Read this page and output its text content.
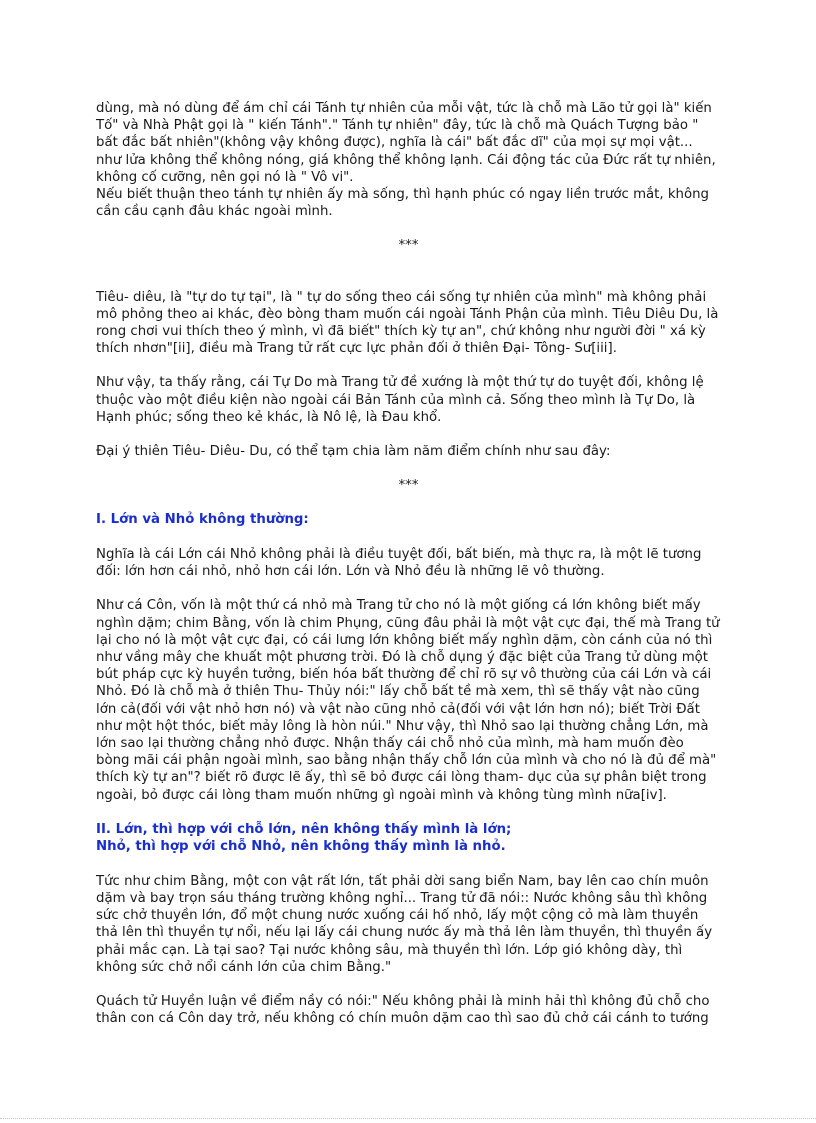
dùng, mà nó dùng để ám chỉ cái Tánh tự nhiên của mỗi vật, tức là chỗ mà Lão tử gọi là" kiến Tố" và Nhà Phật gọi là " kiến Tánh"." Tánh tự nhiên" đây, tức là chỗ mà Quách Tượng bảo " bất đắc bất nhiên"(không vậy không được), nghĩa là cái" bất đắc dĩ" của mọi sự mọi vật... như lửa không thể không nóng, giá không thể không lạnh. Cái động tác của Đức rất tự nhiên, không cố cưỡng, nên gọi nó là " Vô vi".

Nếu biết thuận theo tánh tự nhiên ấy mà sống, thì hạnh phúc có ngay liền trước mắt, không cần cầu cạnh đâu khác ngoài mình.

***

Tiêu- diêu, là "tự do tự tại", là " tự do sống theo cái sống tự nhiên của mình" mà không phải mô phỏng theo ai khác, đèo bòng tham muốn cái ngoài Tánh Phận của mình. Tiêu Diêu Du, là rong chơi vui thích theo ý mình, vì đã biết" thích kỳ tự an", chứ không như người đời " xá kỳ thích nhơn"[ii], điều mà Trang tử rất cực lực phản đối ở thiên Đại- Tông- Sư[iii].

Như vậy, ta thấy rằng, cái Tự Do mà Trang tử đề xướng là một thứ tự do tuyệt đối, không lệ thuộc vào một điều kiện nào ngoài cái Bản Tánh của mình cả. Sống theo mình là Tự Do, là Hạnh phúc; sống theo kẻ khác, là Nô lệ, là Đau khổ.

Đại ý thiên Tiêu- Diêu- Du, có thể tạm chia làm năm điểm chính như sau đây:

***

I. Lớn và Nhỏ không thường:

Nghĩa là cái Lớn cái Nhỏ không phải là điều tuyệt đối, bất biến, mà thực ra, là một lẽ tương đối: lớn hơn cái nhỏ, nhỏ hơn cái lớn. Lớn và Nhỏ đều là những lẽ vô thường.

Như cá Côn, vốn là một thứ cá nhỏ mà Trang tử cho nó là một giống cá lớn không biết mấy nghìn dặm; chim Bằng, vốn là chim Phụng, cũng đâu phải là một vật cực đại, thế mà Trang tử lại cho nó là một vật cực đại, có cái lưng lớn không biết mấy nghìn dặm, còn cánh của nó thì như vầng mây che khuất một phương trời. Đó là chỗ dụng ý đặc biệt của Trang tử dùng một bút pháp cực kỳ huyền tưởng, biến hóa bất thường để chỉ rõ sự vô thường của cái Lớn và cái Nhỏ. Đó là chỗ mà ở thiên Thu- Thủy nói:" lấy chỗ bất tề mà xem, thì sẽ thấy vật nào cũng lớn cả(đối với vật nhỏ hơn nó) và vật nào cũng nhỏ cả(đối với vật lớn hơn nó); biết Trời Đất như một hột thóc, biết mảy lông là hòn núi." Như vậy, thì Nhỏ sao lại thường chẳng Lớn, mà lớn sao lại thường chẳng nhỏ được. Nhận thấy cái chỗ nhỏ của mình, mà ham muốn đèo bòng mãi cái phận ngoài mình, sao bằng nhận thấy chỗ lớn của mình và cho nó là đủ để mà" thích kỳ tự an"? biết rõ được lẽ ấy, thì sẽ bỏ được cái lòng tham- dục của sự phân biệt trong ngoài, bỏ được cái lòng tham muốn những gì ngoài mình và không tùng mình nữa[iv].

II. Lớn, thì hợp với chỗ lớn, nên không thấy mình là lớn;

Nhỏ, thì hợp với chỗ Nhỏ, nên không thấy mình là nhỏ.

Tức như chim Bằng, một con vật rất lớn, tất phải dời sang biển Nam, bay lên cao chín muôn dặm và bay trọn sáu tháng trường không nghỉ... Trang tử đã nói:: Nước không sâu thì không sức chở thuyền lớn, đổ một chung nước xuống cái hố nhỏ, lấy một cộng cỏ mà làm thuyền thả lên thì thuyền tự nổi, nếu lại lấy cái chung nước ấy mà thả lên làm thuyền, thì thuyền ấy phải mắc cạn. Là tại sao? Tại nước không sâu, mà thuyền thì lớn. Lớp gió không dày, thì không sức chở nổi cánh lớn của chim Bằng."

Quách tử Huyền luận về điểm nầy có nói:" Nếu không phải là minh hải thì không đủ chỗ cho thân con cá Côn day trở, nếu không có chín muôn dặm cao thì sao đủ chở cái cánh to tướng
